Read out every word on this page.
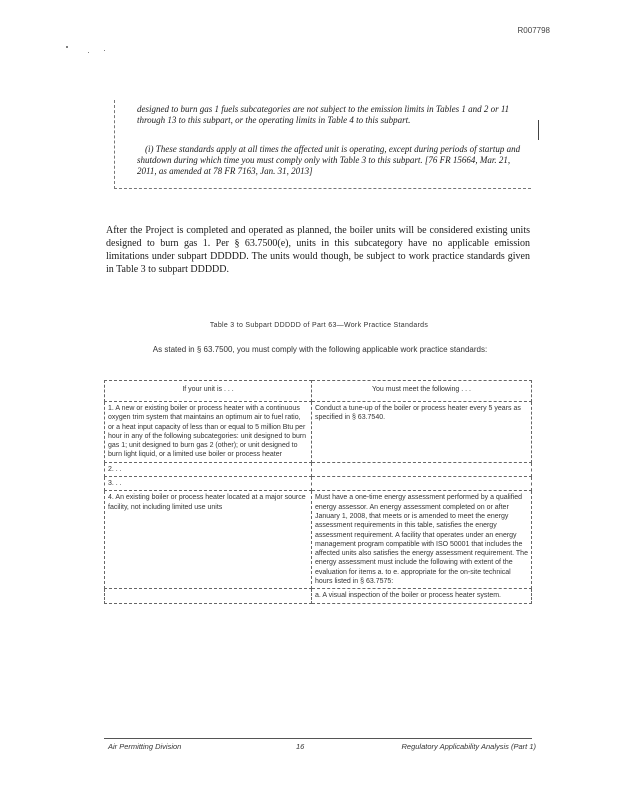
R007798

designed to burn gas 1 fuels subcategories are not subject to the emission limits in Tables 1 and 2 or 11 through 13 to this subpart, or the operating limits in Table 4 to this subpart.

(i) These standards apply at all times the affected unit is operating, except during periods of startup and shutdown during which time you must comply only with Table 3 to this subpart. [76 FR 15664, Mar. 21, 2011, as amended at 78 FR 7163, Jan. 31, 2013]

After the Project is completed and operated as planned, the boiler units will be considered existing units designed to burn gas 1. Per § 63.7500(e), units in this subcategory have no applicable emission limitations under subpart DDDDD. The units would though, be subject to work practice standards given in Table 3 to subpart DDDDD.

Table 3 to Subpart DDDDD of Part 63—Work Practice Standards
As stated in § 63.7500, you must comply with the following applicable work practice standards:
If your unit is . . .	You must meet the following . . .
1. A new or existing boiler or process heater with a continuous oxygen trim system that maintains an optimum air to fuel ratio, or a heat input capacity of less than or equal to 5 million Btu per hour in any of the following subcategories: unit designed to burn gas 1; unit designed to burn gas 2 (other); or unit designed to burn light liquid, or a limited use boiler or process heater	Conduct a tune-up of the boiler or process heater every 5 years as specified in § 63.7540.
2. . .	
3. . .	
4. An existing boiler or process heater located at a major source facility, not including limited use units	Must have a one-time energy assessment performed by a qualified energy assessor. An energy assessment completed on or after January 1, 2008, that meets or is amended to meet the energy assessment requirements in this table, satisfies the energy assessment requirement. A facility that operates under an energy management program compatible with ISO 50001 that includes the affected units also satisfies the energy assessment requirement. The energy assessment must include the following with extent of the evaluation for items a. to e. appropriate for the on-site technical hours listed in § 63.7575:
	a. A visual inspection of the boiler or process heater system.
Air Permitting Division	16	Regulatory Applicability Analysis (Part 1)
